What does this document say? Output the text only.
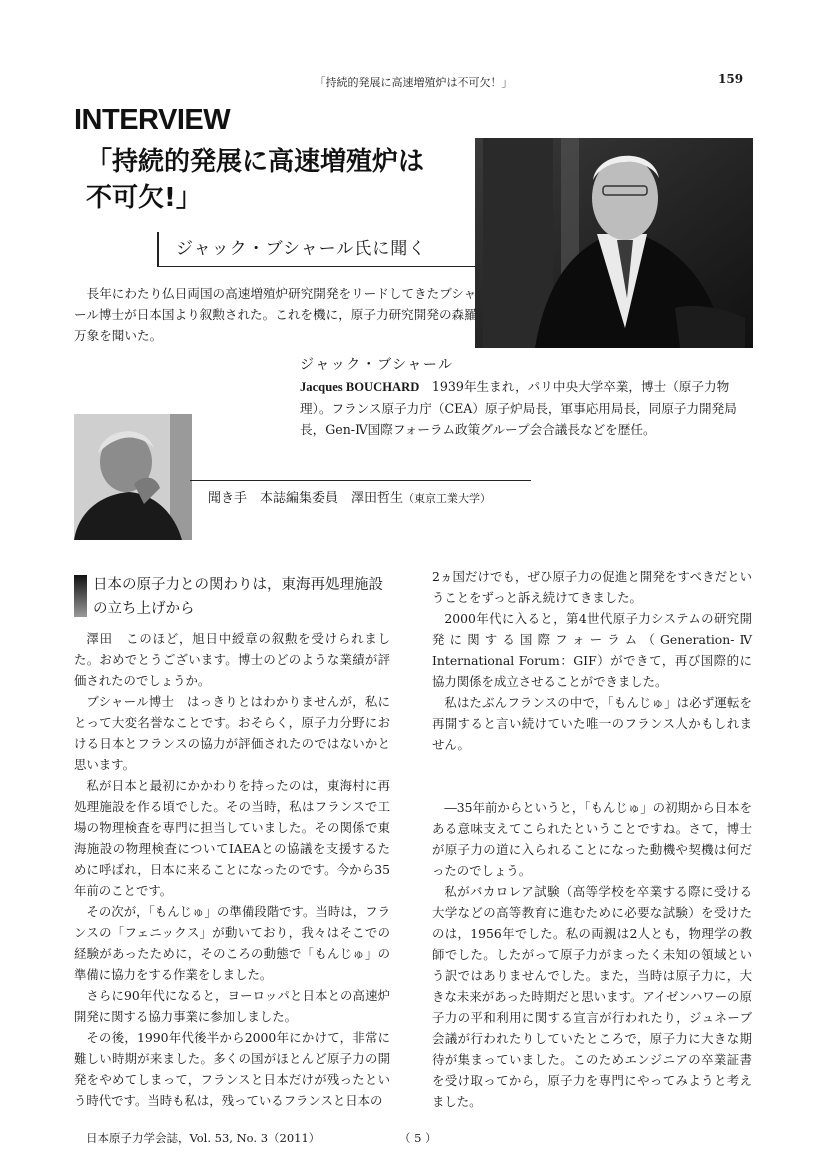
「持続的発展に高速増殖炉は不可欠！」	159
INTERVIEW
「持続的発展に高速増殖炉は
不可欠!」
ジャック・ブシャール氏に聞く

長年にわたり仏日両国の高速増殖炉研究開発をリードしてきたブシャール博士が日本国より叙勲された。これを機に，原子力研究開発の森羅万象を聞いた。

ジャック・ブシャール
Jacques BOUCHARD　 1939年生まれ，パリ中央大学卒業，博士（原子力物理）。フランス原子力庁（CEA）原子炉局長，軍事応用局長，同原子力開発局長，Gen-Ⅳ国際フォーラム政策グループ会合議長などを歴任。
聞き手　本誌編集委員　澤田哲生（東京工業大学）
日本の原子力との関わりは，東海再処理施設の立ち上げから

澤田　このほど，旭日中綬章の叙勲を受けられました。おめでとうございます。博士のどのような業績が評価されたのでしょうか。

ブシャール博士　はっきりとはわかりませんが，私にとって大変名誉なことです。おそらく，原子力分野における日本とフランスの協力が評価されたのではないかと思います。

私が日本と最初にかかわりを持ったのは，東海村に再処理施設を作る頃でした。その当時，私はフランスで工場の物理検査を専門に担当していました。その関係で東海施設の物理検査についてIAEAとの協議を支援するために呼ばれ，日本に来ることになったのです。今から35年前のことです。

その次が，「もんじゅ」の準備段階です。当時は，フランスの「フェニックス」が動いており，我々はそこでの経験があったために，そのころの動態で「もんじゅ」の準備に協力をする作業をしました。

さらに90年代になると，ヨーロッパと日本との高速炉開発に関する協力事業に参加しました。

その後，1990年代後半から2000年にかけて，非常に難しい時期が来ました。多くの国がほとんど原子力の開発をやめてしまって，フランスと日本だけが残ったという時代です。当時も私は，残っているフランスと日本の

2ヵ国だけでも，ぜひ原子力の促進と開発をすべきだということをずっと訴え続けてきました。

2000年代に入ると，第4世代原子力システムの研究開発に関する国際フォーラム（Generation-Ⅳ International Forum：GIF）ができて，再び国際的に協力関係を成立させることができました。

私はたぶんフランスの中で，「もんじゅ」は必ず運転を再開すると言い続けていた唯一のフランス人かもしれません。

―35年前からというと，「もんじゅ」の初期から日本をある意味支えてこられたということですね。さて，博士が原子力の道に入られることになった動機や契機は何だったのでしょう。

私がバカロレア試験（高等学校を卒業する際に受ける大学などの高等教育に進むために必要な試験）を受けたのは，1956年でした。私の両親は2人とも，物理学の教師でした。したがって原子力がまったく未知の領域という訳ではありませんでした。また，当時は原子力に，大きな未来があった時期だと思います。アイゼンハワーの原子力の平和利用に関する宣言が行われたり，ジュネーブ会議が行われたりしていたところで，原子力に大きな期待が集まっていました。このためエンジニアの卒業証書を受け取ってから，原子力を専門にやってみようと考えました。

日本原子力学会誌，Vol. 53, No. 3（2011）	（ 5 ）
